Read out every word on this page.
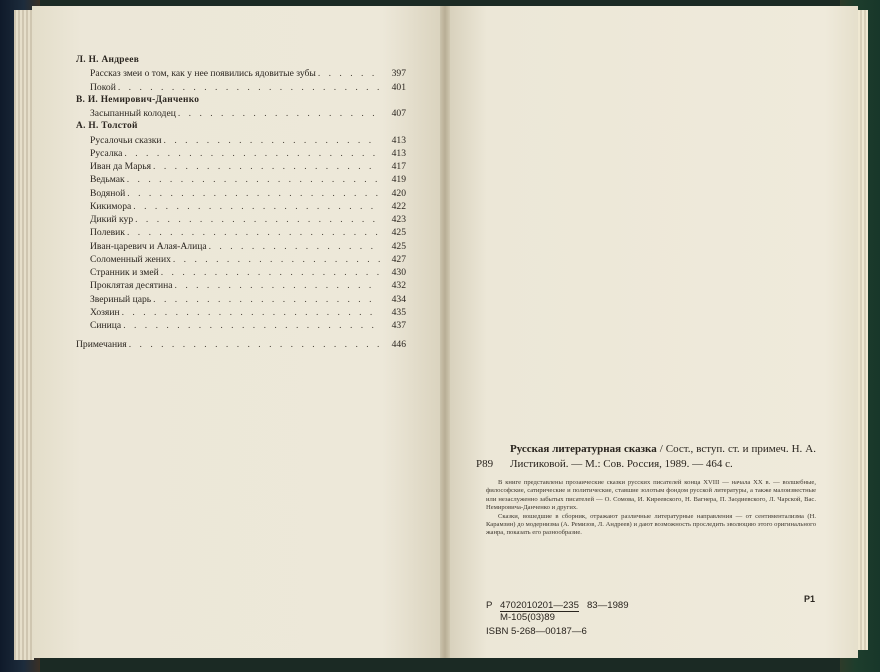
Л. Н. Андреев
Рассказ змеи о том, как у нее появились ядовитые зубы . . .	397
Покой . . .	401
В. И. Немирович-Данченко
Засыпанный колодец . . .	407
А. Н. Толстой
Русалочьи сказки . . .	413
Русалка . . .	413
Иван да Марья . . .	417
Ведьмак . . .	419
Водяной . . .	420
Кикимора . . .	422
Дикий кур . . .	423
Полевик . . .	425
Иван-царевич и Алая-Алица . . .	425
Соломенный жених . . .	427
Странник и змей . . .	430
Проклятая десятина . . .	432
Звериный царь . . .	434
Хозяин . . .	435
Синица . . .	437
Примечания . . .	446
Р89
Русская литературная сказка / Сост., вступ. ст. и примеч. Н. А. Листиковой. — М.: Сов. Россия, 1989. — 464 с.

В книге представлены прозаические сказки русских писателей конца XVIII — начала XX в. — волшебные, философские, сатирические и политические, ставшие золотым фондом русской литературы, а также малоизвестные или незаслуженно забытых писателей — О. Сомова, И. Киреевского, Н. Вагнера, П. Заодиевского, Л. Чарской, Вас. Немировича-Данченко и других.

Сказки, вошедшие в сборник, отражают различные литературные направления — от сентиментализма (Н. Карамзин) до модернизма (А. Ремизов, Л. Андреев) и дают возможность проследить эволюцию этого оригинального жанра, показать его разнообразие.

Р1
Р 4702010201—235 83—1989
М-105(03)89
ISBN 5-268—00187—6
